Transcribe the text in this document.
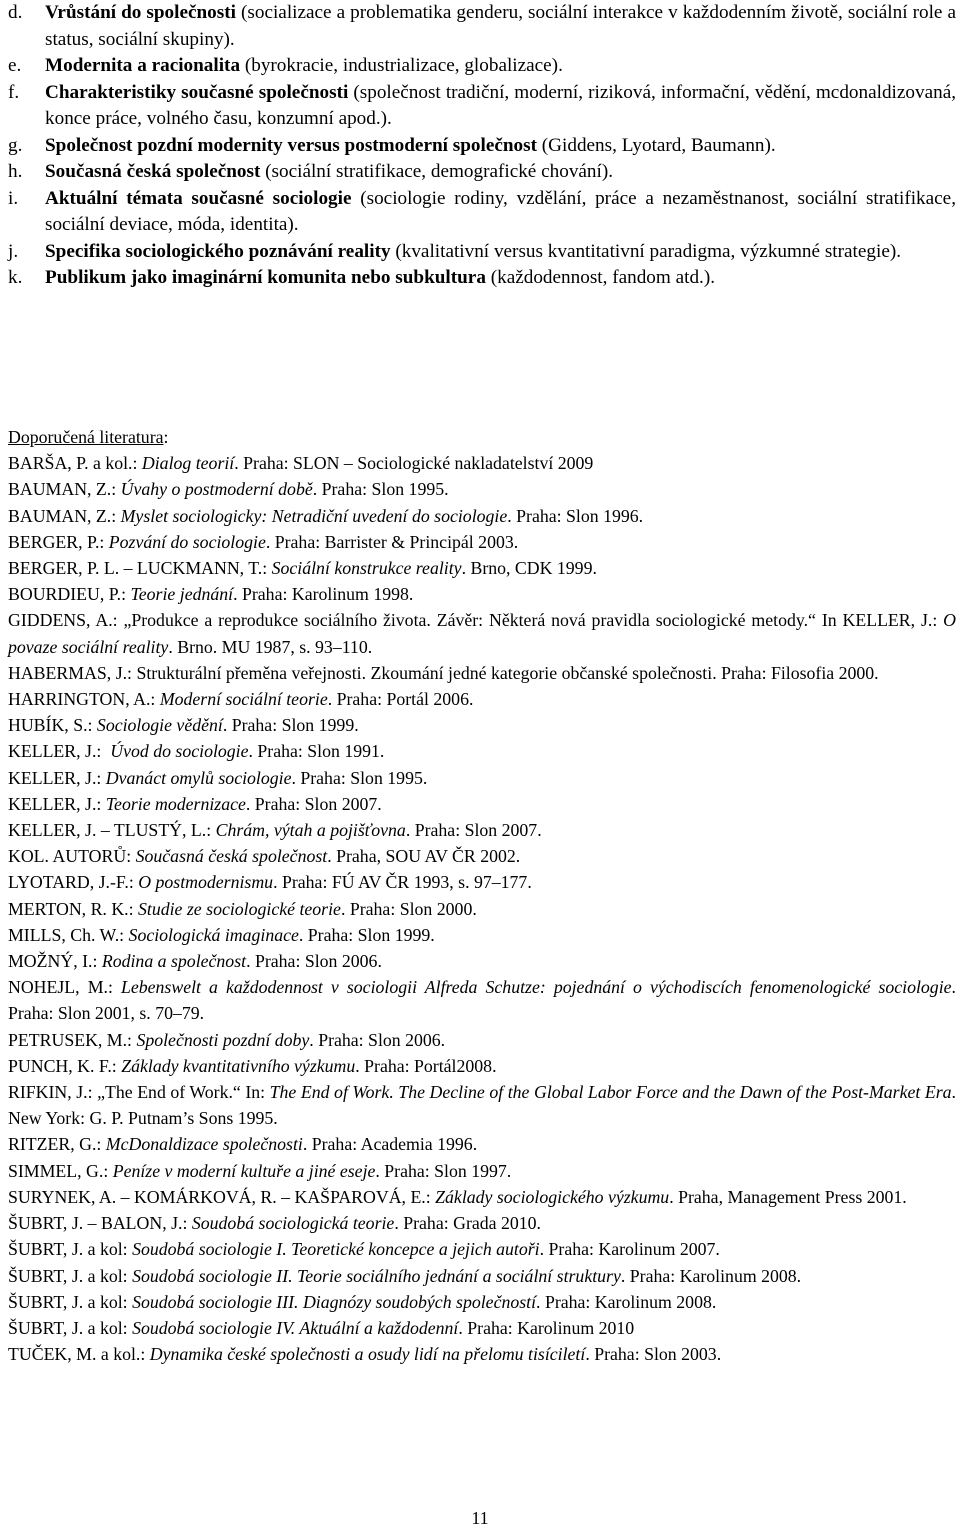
d. Vrůstání do společnosti (socializace a problematika genderu, sociální interakce v každodenním životě, sociální role a status, sociální skupiny).

e. Modernita a racionalita (byrokracie, industrializace, globalizace).

f. Charakteristiky současné společnosti (společnost tradiční, moderní, riziková, informační, vědění, mcdonaldizovaná, konce práce, volného času, konzumní apod.).

g. Společnost pozdní modernity versus postmoderní společnost (Giddens, Lyotard, Baumann).

h. Současná česká společnost (sociální stratifikace, demografické chování).

i. Aktuální témata současné sociologie (sociologie rodiny, vzdělání, práce a nezaměstnanost, sociální stratifikace, sociální deviace, móda, identita).

j. Specifika sociologického poznávání reality (kvalitativní versus kvantitativní paradigma, výzkumné strategie).

k. Publikum jako imaginární komunita nebo subkultura (každodennost, fandom atd.).

Doporučená literatura:

BARŠA, P. a kol.: Dialog teorií. Praha: SLON – Sociologické nakladatelství 2009

BAUMAN, Z.: Úvahy o postmoderní době. Praha: Slon 1995.

BAUMAN, Z.: Myslet sociologicky: Netradiční uvedení do sociologie. Praha: Slon 1996.

BERGER, P.: Pozvání do sociologie. Praha: Barrister & Principál 2003.

BERGER, P. L. – LUCKMANN, T.: Sociální konstrukce reality. Brno, CDK 1999.

BOURDIEU, P.: Teorie jednání. Praha: Karolinum 1998.

GIDDENS, A.: „Produkce a reprodukce sociálního života. Závěr: Některá nová pravidla sociologické metody.“ In KELLER, J.: O povaze sociální reality. Brno. MU 1987, s. 93–110.

HABERMAS, J.: Strukturální přeměna veřejnosti. Zkoumání jedné kategorie občanské společnosti. Praha: Filosofia 2000.

HARRINGTON, A.: Moderní sociální teorie. Praha: Portál 2006.

HUBÍK, S.: Sociologie vědění. Praha: Slon 1999.

KELLER, J.:  Úvod do sociologie. Praha: Slon 1991.

KELLER, J.: Dvanáct omylů sociologie. Praha: Slon 1995.

KELLER, J.: Teorie modernizace. Praha: Slon 2007.

KELLER, J. – TLUSTÝ, L.: Chrám, výtah a pojišťovna. Praha: Slon 2007.

KOL. AUTORŮ: Současná česká společnost. Praha, SOU AV ČR 2002.

LYOTARD, J.-F.: O postmodernismu. Praha: FÚ AV ČR 1993, s. 97–177.

MERTON, R. K.: Studie ze sociologické teorie. Praha: Slon 2000.

MILLS, Ch. W.: Sociologická imaginace. Praha: Slon 1999.

MOŽNÝ, I.: Rodina a společnost. Praha: Slon 2006.

NOHEJL, M.: Lebenswelt a každodennost v sociologii Alfreda Schutze: pojednání o východiscích fenomenologické sociologie. Praha: Slon 2001, s. 70–79.

PETRUSEK, M.: Společnosti pozdní doby. Praha: Slon 2006.

PUNCH, K. F.: Základy kvantitativního výzkumu. Praha: Portál2008.

RIFKIN, J.: „The End of Work.“ In: The End of Work. The Decline of the Global Labor Force and the Dawn of the Post-Market Era. New York: G. P. Putnam’s Sons 1995.

RITZER, G.: McDonaldizace společnosti. Praha: Academia 1996.

SIMMEL, G.: Peníze v moderní kultuře a jiné eseje. Praha: Slon 1997.

SURYNEK, A. – KOMÁRKOVÁ, R. – KAŠPAROVÁ, E.: Základy sociologického výzkumu. Praha, Management Press 2001.

ŠUBRT, J. – BALON, J.: Soudobá sociologická teorie. Praha: Grada 2010.

ŠUBRT, J. a kol: Soudobá sociologie I. Teoretické koncepce a jejich autoři. Praha: Karolinum 2007.

ŠUBRT, J. a kol: Soudobá sociologie II. Teorie sociálního jednání a sociální struktury. Praha: Karolinum 2008.

ŠUBRT, J. a kol: Soudobá sociologie III. Diagnózy soudobých společností. Praha: Karolinum 2008.

ŠUBRT, J. a kol: Soudobá sociologie IV. Aktuální a každodenní. Praha: Karolinum 2010

TUČEK, M. a kol.: Dynamika české společnosti a osudy lidí na přelomu tisíciletí. Praha: Slon 2003.

11
